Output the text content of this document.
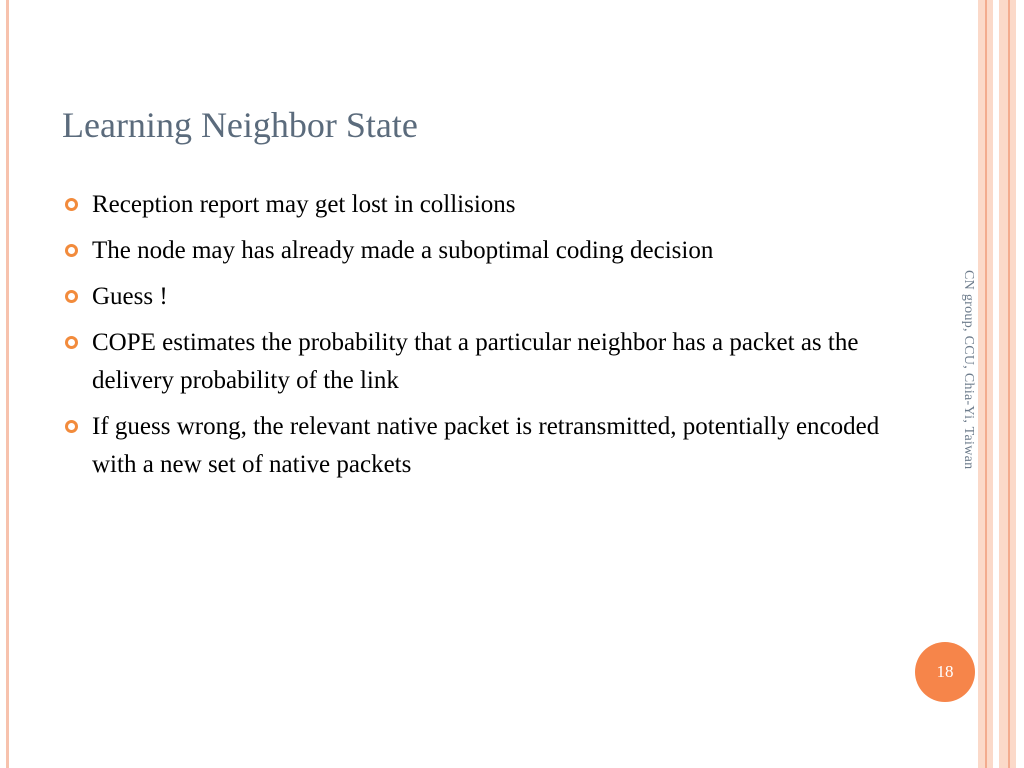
Learning Neighbor State
Reception report may get lost in collisions
The node may has already made a suboptimal coding decision
Guess !
COPE estimates the probability that a particular neighbor has a packet as the delivery probability of the link
If guess wrong, the relevant native packet is retransmitted, potentially encoded with a new set of native packets	CN group, CCU, Chia-Yi, Taiwan
18
